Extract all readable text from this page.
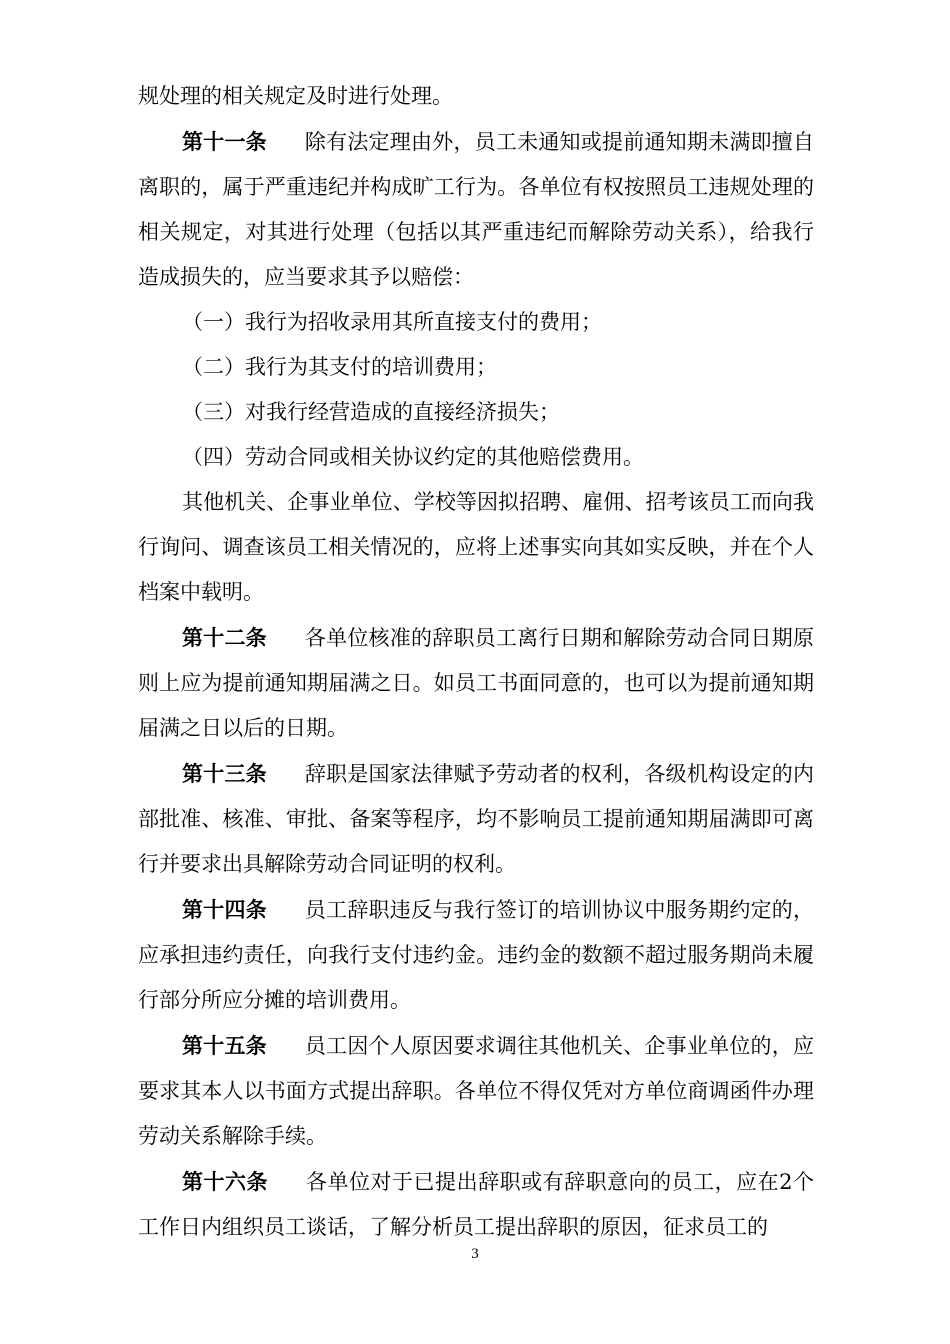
规处理的相关规定及时进行处理。

第十一条 除有法定理由外，员工未通知或提前通知期未满即擅自离职的，属于严重违纪并构成旷工行为。各单位有权按照员工违规处理的相关规定，对其进行处理（包括以其严重违纪而解除劳动关系），给我行造成损失的，应当要求其予以赔偿：

（一）我行为招收录用其所直接支付的费用；

（二）我行为其支付的培训费用；

（三）对我行经营造成的直接经济损失；

（四）劳动合同或相关协议约定的其他赔偿费用。

其他机关、企事业单位、学校等因拟招聘、雇佣、招考该员工而向我行询问、调查该员工相关情况的，应将上述事实向其如实反映，并在个人档案中载明。

第十二条 各单位核准的辞职员工离行日期和解除劳动合同日期原则上应为提前通知期届满之日。如员工书面同意的，也可以为提前通知期届满之日以后的日期。

第十三条 辞职是国家法律赋予劳动者的权利，各级机构设定的内部批准、核准、审批、备案等程序，均不影响员工提前通知期届满即可离行并要求出具解除劳动合同证明的权利。

第十四条 员工辞职违反与我行签订的培训协议中服务期约定的，应承担违约责任，向我行支付违约金。违约金的数额不超过服务期尚未履行部分所应分摊的培训费用。

第十五条 员工因个人原因要求调往其他机关、企事业单位的，应要求其本人以书面方式提出辞职。各单位不得仅凭对方单位商调函件办理劳动关系解除手续。

第十六条 各单位对于已提出辞职或有辞职意向的员工，应在2个工作日内组织员工谈话，了解分析员工提出辞职的原因，征求员工的

3
